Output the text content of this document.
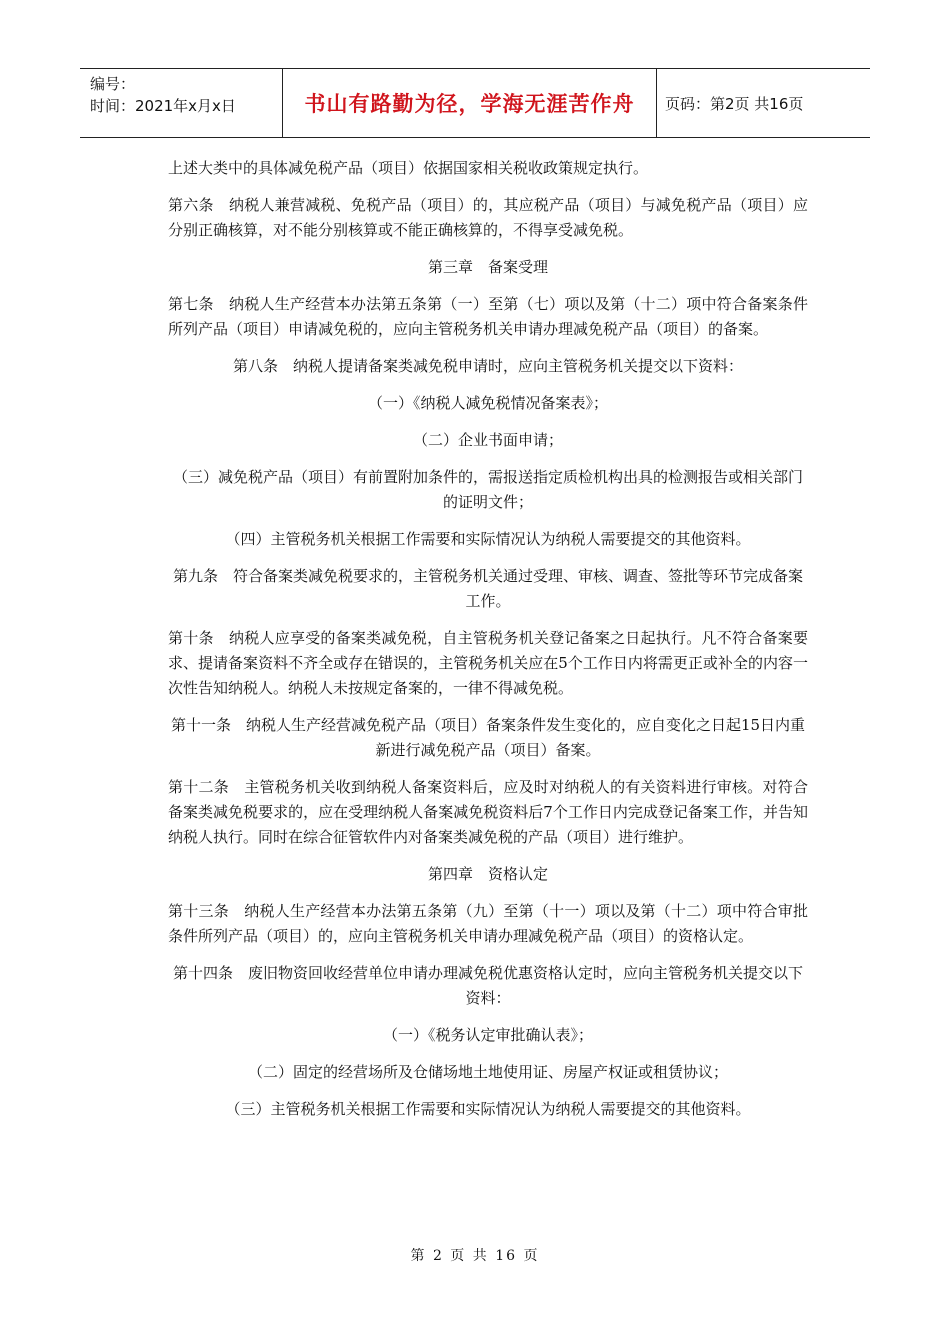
编号：
时间：2021年x月x日	书山有路勤为径，学海无涯苦作舟 页码：第2页 共16页

上述大类中的具体减免税产品（项目）依据国家相关税收政策规定执行。

第六条　纳税人兼营减税、免税产品（项目）的，其应税产品（项目）与减免税产品（项目）应分别正确核算，对不能分别核算或不能正确核算的，不得享受减免税。

第三章　备案受理

第七条　纳税人生产经营本办法第五条第（一）至第（七）项以及第（十二）项中符合备案条件所列产品（项目）申请减免税的，应向主管税务机关申请办理减免税产品（项目）的备案。

第八条　纳税人提请备案类减免税申请时，应向主管税务机关提交以下资料：

（一）《纳税人减免税情况备案表》；

（二）企业书面申请；

（三）减免税产品（项目）有前置附加条件的，需报送指定质检机构出具的检测报告或相关部门的证明文件；

（四）主管税务机关根据工作需要和实际情况认为纳税人需要提交的其他资料。

第九条　符合备案类减免税要求的，主管税务机关通过受理、审核、调查、签批等环节完成备案工作。

第十条　纳税人应享受的备案类减免税，自主管税务机关登记备案之日起执行。凡不符合备案要求、提请备案资料不齐全或存在错误的，主管税务机关应在5个工作日内将需更正或补全的内容一次性告知纳税人。纳税人未按规定备案的，一律不得减免税。

第十一条　纳税人生产经营减免税产品（项目）备案条件发生变化的，应自变化之日起15日内重新进行减免税产品（项目）备案。

第十二条　主管税务机关收到纳税人备案资料后，应及时对纳税人的有关资料进行审核。对符合备案类减免税要求的，应在受理纳税人备案减免税资料后7个工作日内完成登记备案工作，并告知纳税人执行。同时在综合征管软件内对备案类减免税的产品（项目）进行维护。

第四章　资格认定

第十三条　纳税人生产经营本办法第五条第（九）至第（十一）项以及第（十二）项中符合审批条件所列产品（项目）的，应向主管税务机关申请办理减免税产品（项目）的资格认定。

第十四条　废旧物资回收经营单位申请办理减免税优惠资格认定时，应向主管税务机关提交以下资料：

（一）《税务认定审批确认表》；

（二）固定的经营场所及仓储场地土地使用证、房屋产权证或租赁协议；

（三）主管税务机关根据工作需要和实际情况认为纳税人需要提交的其他资料。

第 2 页 共 16 页
